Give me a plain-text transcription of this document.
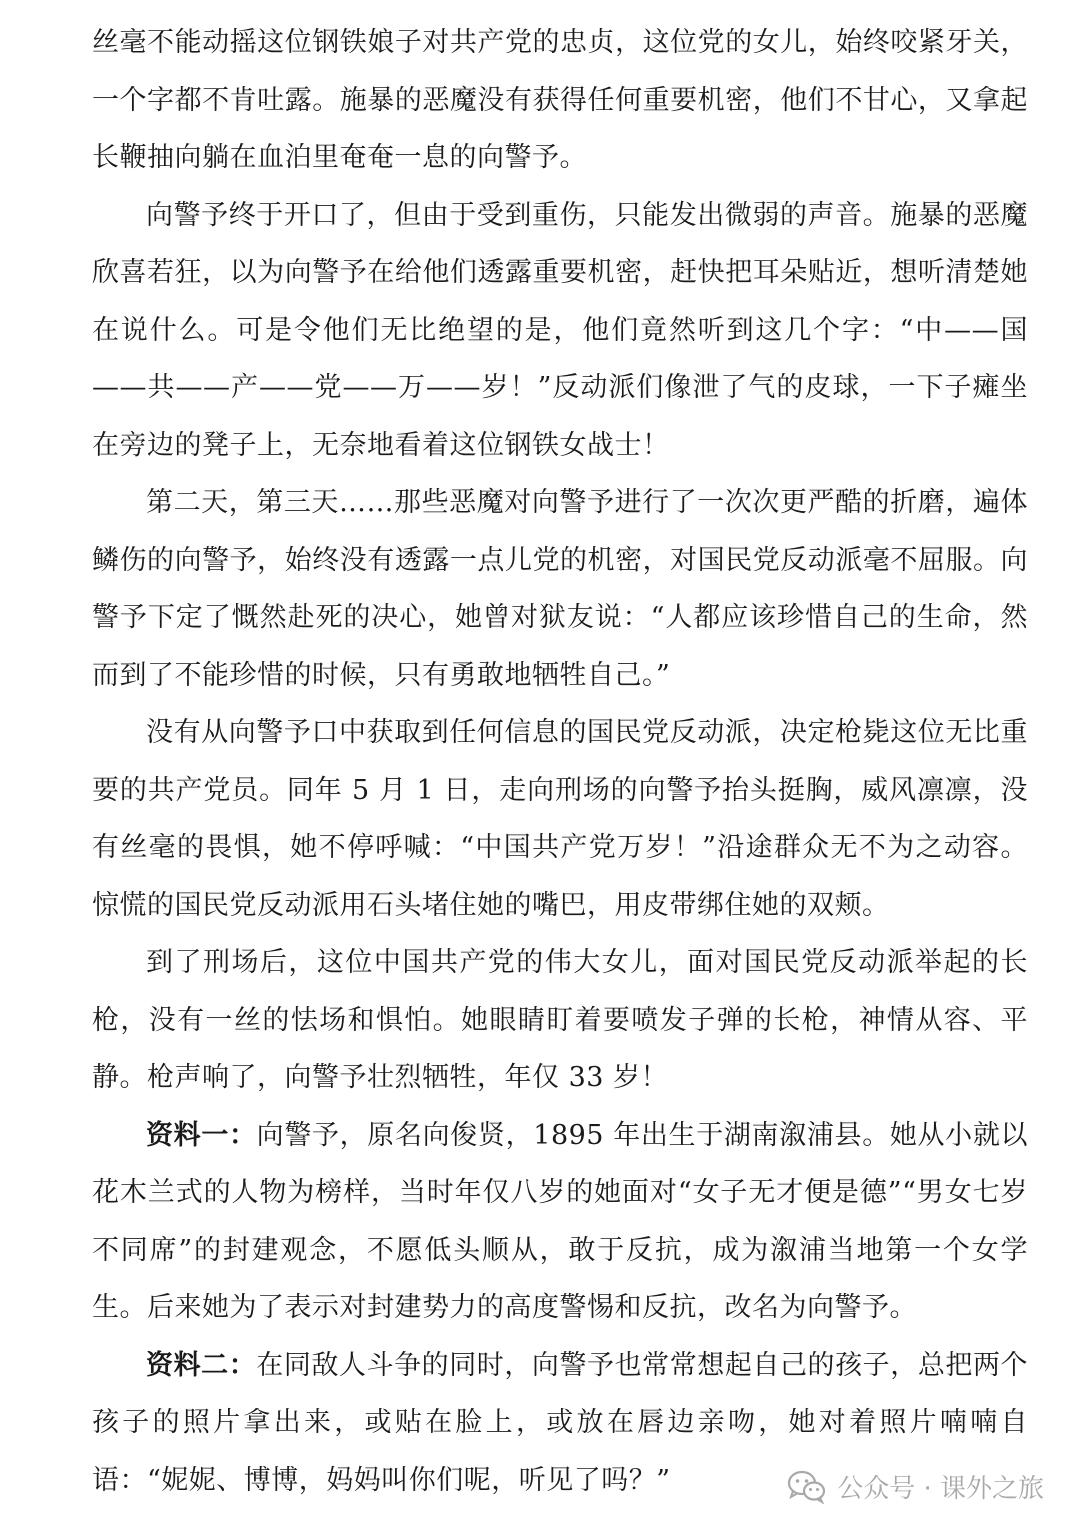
丝毫不能动摇这位钢铁娘子对共产党的忠贞，这位党的女儿，始终咬紧牙关，一个字都不肯吐露。施暴的恶魔没有获得任何重要机密，他们不甘心，又拿起长鞭抽向躺在血泊里奄奄一息的向警予。

向警予终于开口了，但由于受到重伤，只能发出微弱的声音。施暴的恶魔欣喜若狂，以为向警予在给他们透露重要机密，赶快把耳朵贴近，想听清楚她在说什么。可是令他们无比绝望的是，他们竟然听到这几个字：“中——国——共——产——党——万——岁！”反动派们像泄了气的皮球，一下子瘫坐在旁边的凳子上，无奈地看着这位钢铁女战士！

第二天，第三天……那些恶魔对向警予进行了一次次更严酷的折磨，遍体鳞伤的向警予，始终没有透露一点儿党的机密，对国民党反动派毫不屈服。向警予下定了慨然赴死的决心，她曾对狱友说：“人都应该珍惜自己的生命，然而到了不能珍惜的时候，只有勇敢地牺牲自己。”

没有从向警予口中获取到任何信息的国民党反动派，决定枪毙这位无比重要的共产党员。同年 5 月 1 日，走向刑场的向警予抬头挺胸，威风凛凛，没有丝毫的畏惧，她不停呼喊：“中国共产党万岁！”沿途群众无不为之动容。惊慌的国民党反动派用石头堵住她的嘴巴，用皮带绑住她的双颊。

到了刑场后，这位中国共产党的伟大女儿，面对国民党反动派举起的长枪，没有一丝的怯场和惧怕。她眼睛盯着要喷发子弹的长枪，神情从容、平静。枪声响了，向警予壮烈牺牲，年仅 33 岁！

资料一：向警予，原名向俊贤，1895 年出生于湖南溆浦县。她从小就以花木兰式的人物为榜样，当时年仅八岁的她面对“女子无才便是德”“男女七岁不同席”的封建观念，不愿低头顺从，敢于反抗，成为溆浦当地第一个女学生。后来她为了表示对封建势力的高度警惕和反抗，改名为向警予。

资料二：在同敌人斗争的同时，向警予也常常想起自己的孩子，总把两个孩子的照片拿出来，或贴在脸上，或放在唇边亲吻，她对着照片喃喃自语：“妮妮、博博，妈妈叫你们呢，听见了吗？”	公众号 · 课外之旅
